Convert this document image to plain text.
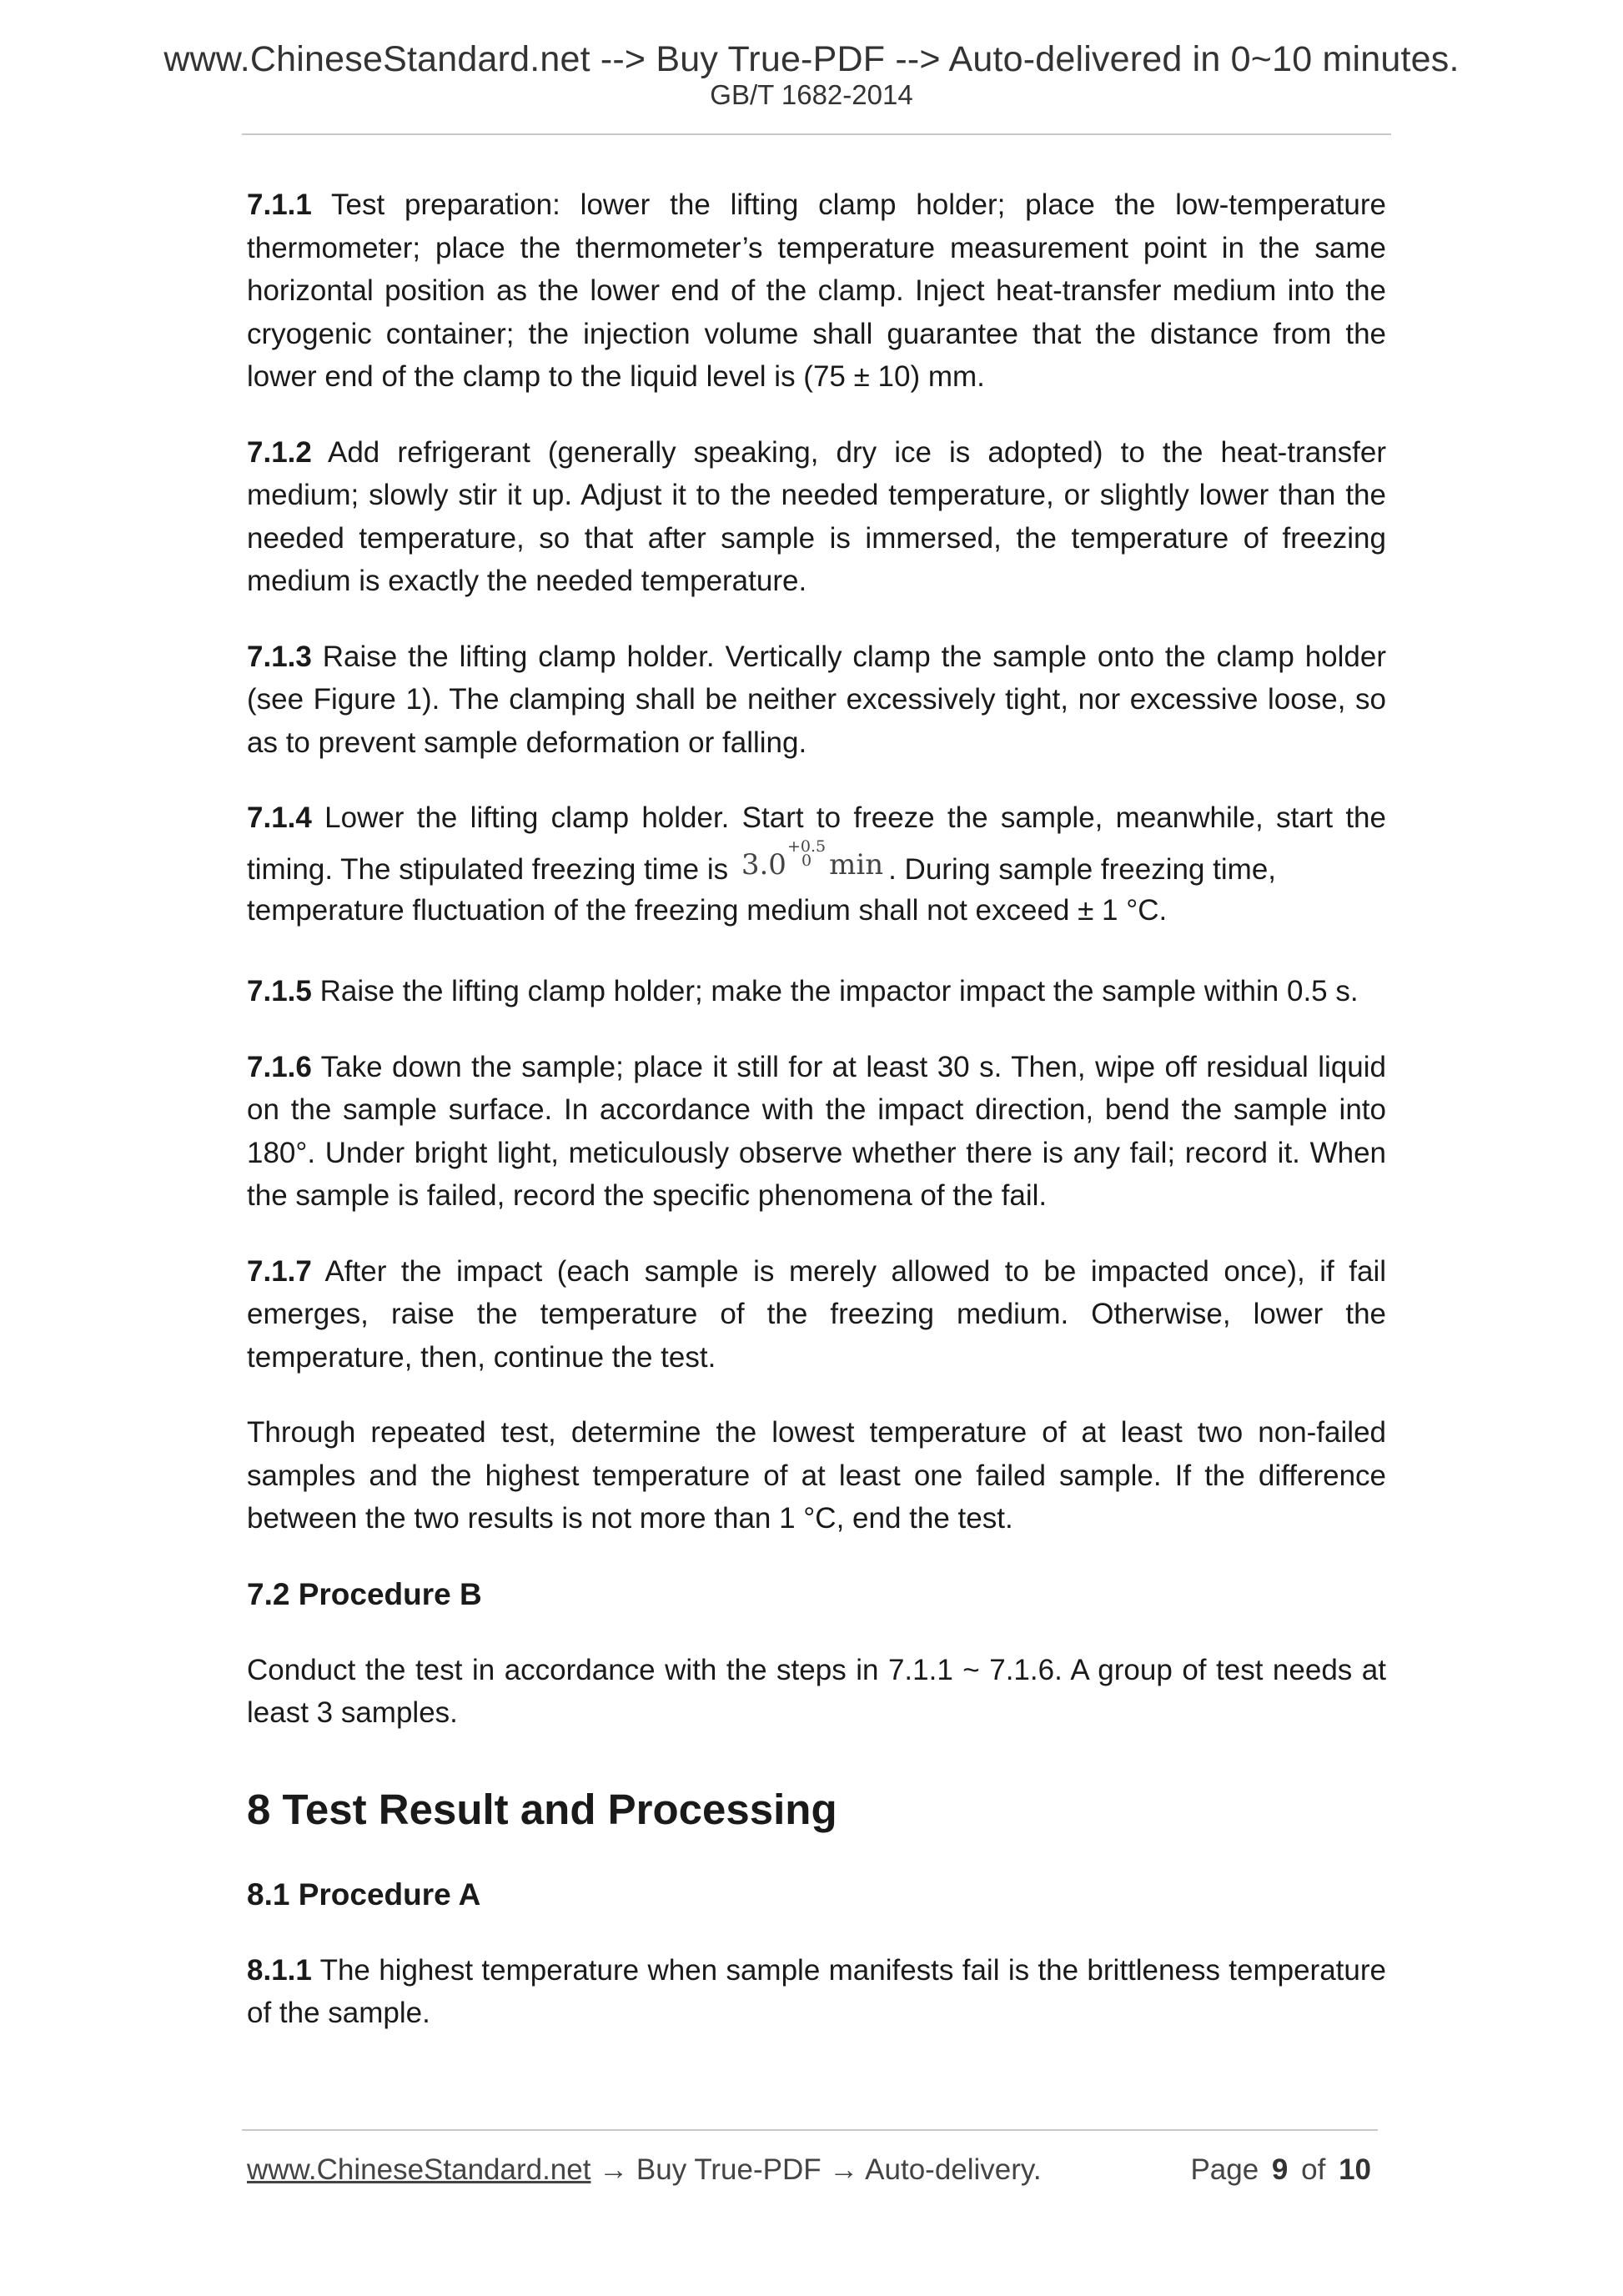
www.ChineseStandard.net --> Buy True-PDF --> Auto-delivered in 0~10 minutes.
GB/T 1682-2014

7.1.1 Test preparation: lower the lifting clamp holder; place the low-temperature thermometer; place the thermometer’s temperature measurement point in the same horizontal position as the lower end of the clamp. Inject heat-transfer medium into the cryogenic container; the injection volume shall guarantee that the distance from the lower end of the clamp to the liquid level is (75 ± 10) mm.

7.1.2 Add refrigerant (generally speaking, dry ice is adopted) to the heat-transfer medium; slowly stir it up. Adjust it to the needed temperature, or slightly lower than the needed temperature, so that after sample is immersed, the temperature of freezing medium is exactly the needed temperature.

7.1.3 Raise the lifting clamp holder. Vertically clamp the sample onto the clamp holder (see Figure 1). The clamping shall be neither excessively tight, nor excessive loose, so as to prevent sample deformation or falling.

7.1.4 Lower the lifting clamp holder. Start to freeze the sample, meanwhile, start the timing. The stipulated freezing time is 3.0
+0.5
0 min . During sample freezing time,

temperature fluctuation of the freezing medium shall not exceed ± 1 °C.

7.1.5 Raise the lifting clamp holder; make the impactor impact the sample within 0.5 s.

7.1.6 Take down the sample; place it still for at least 30 s. Then, wipe off residual liquid on the sample surface. In accordance with the impact direction, bend the sample into 180°. Under bright light, meticulously observe whether there is any fail; record it. When the sample is failed, record the specific phenomena of the fail.

7.1.7 After the impact (each sample is merely allowed to be impacted once), if fail emerges, raise the temperature of the freezing medium. Otherwise, lower the temperature, then, continue the test.

Through repeated test, determine the lowest temperature of at least two non-failed samples and the highest temperature of at least one failed sample. If the difference between the two results is not more than 1 °C, end the test.

7.2 Procedure B

Conduct the test in accordance with the steps in 7.1.1 ~ 7.1.6. A group of test needs at least 3 samples.

8 Test Result and Processing
8.1 Procedure A

8.1.1 The highest temperature when sample manifests fail is the brittleness temperature of the sample.

www.ChineseStandard.net → Buy True-PDF → Auto-delivery.	Page 9 of 10
